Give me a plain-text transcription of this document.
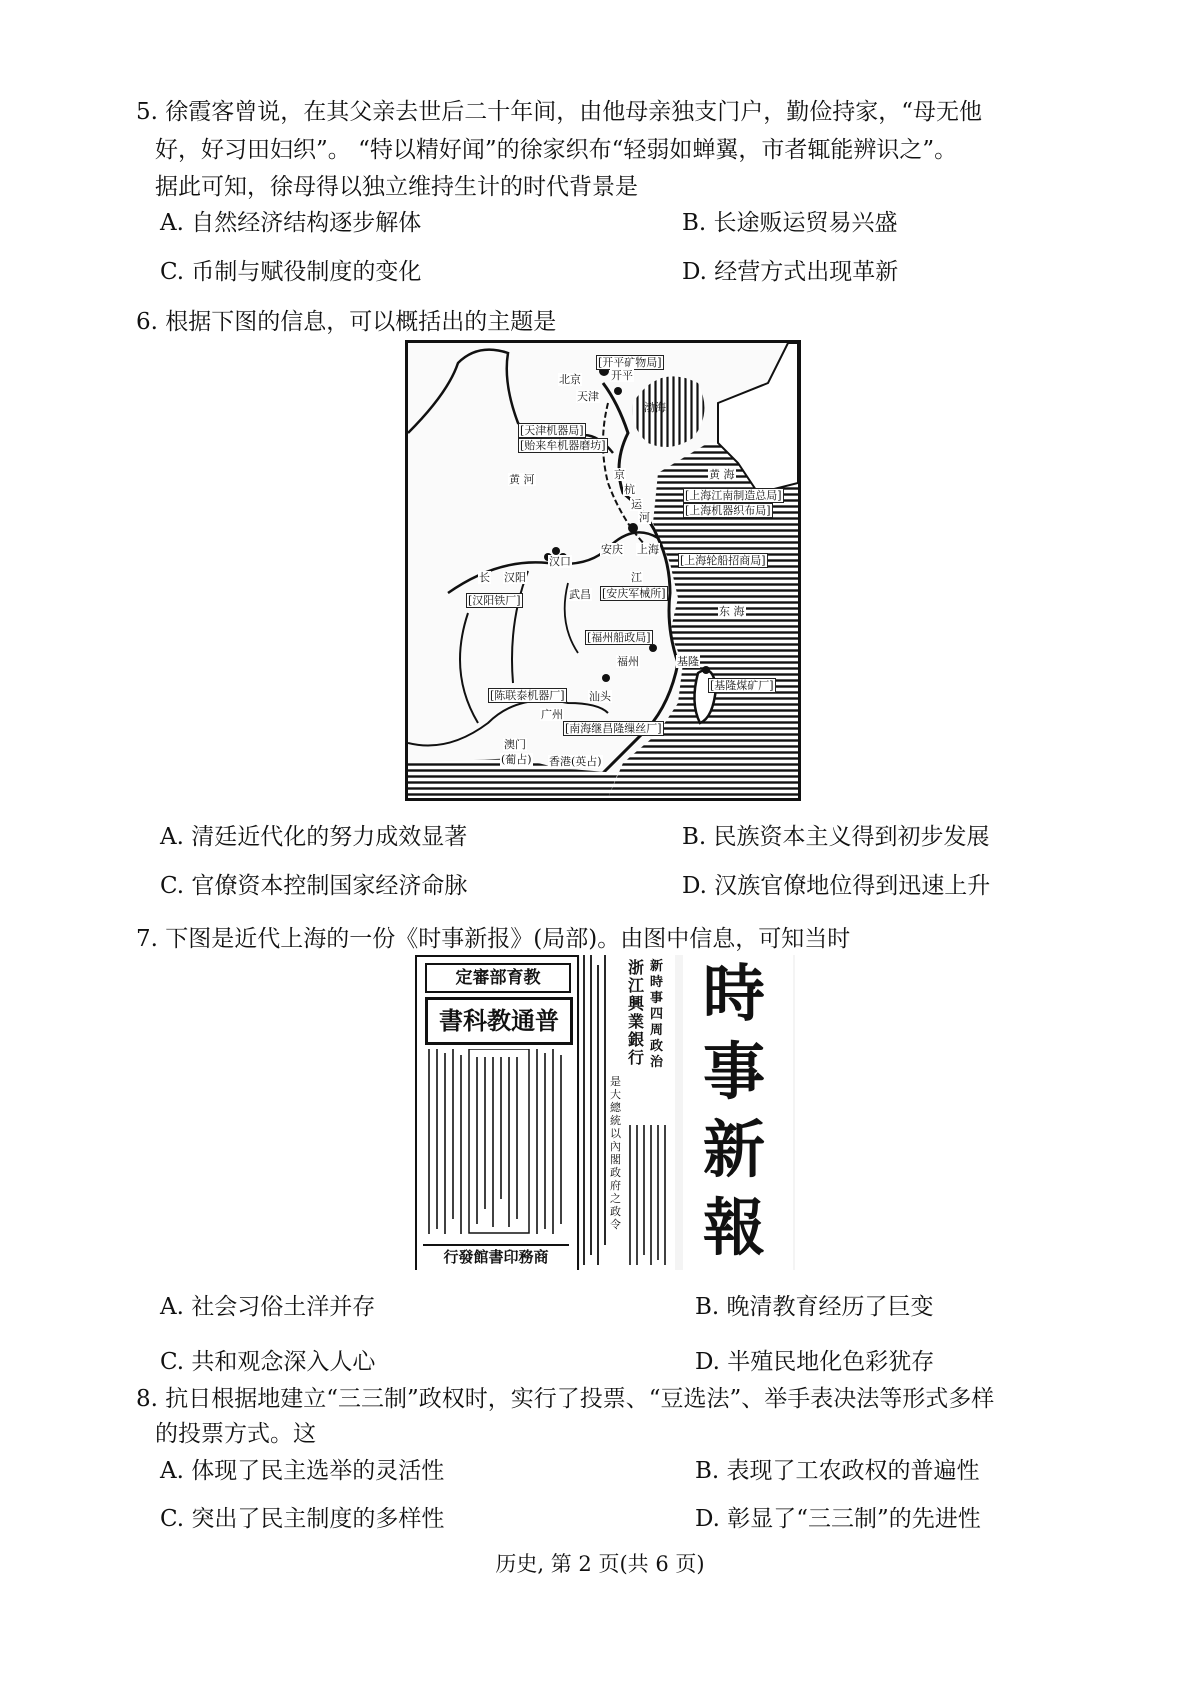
5. 徐霞客曾说，在其父亲去世后二十年间，由他母亲独支门户，勤俭持家，“母无他
好，好习田妇织”。 “特以精好闻”的徐家织布“轻弱如蝉翼，市者辄能辨识之”。
据此可知，徐母得以独立维持生计的时代背景是
A. 自然经济结构逐步解体	B. 长途贩运贸易兴盛
C. 币制与赋役制度的变化	D. 经营方式出现革新
6. 根据下图的信息，可以概括出的主题是
[开平矿物局]
北京	开平
天津
渤海
[天津机器局]
[贻来牟机器磨坊]
黄 河	京
杭
运
河
黄 海
[上海江南制造总局]
[上海机器织布局]
上海
[上海轮船招商局]
汉口
安庆
长 汉阳	江
武昌 [安庆军械所]
[汉阳铁厂]
东 海
[福州船政局]
福州	基隆
[基隆煤矿厂]
[陈联泰机器厂] 汕头
广州
[南海继昌隆缫丝厂]
澳门
(葡占) 香港(英占)
A. 清廷近代化的努力成效显著	B. 民族资本主义得到初步发展
C. 官僚资本控制国家经济命脉	D. 汉族官僚地位得到迅速上升
7. 下图是近代上海的一份《时事新报》(局部)。由图中信息，可知当时
定審部育教
書科教通普
行發館書印務商
浙江興業銀行
新時事四周政治
是大總統以內閣政府之政令
時
事
新
報
A. 社会习俗土洋并存	B. 晚清教育经历了巨变
C. 共和观念深入人心	D. 半殖民地化色彩犹存
8. 抗日根据地建立“三三制”政权时，实行了投票、“豆选法”、举手表决法等形式多样
的投票方式。这
A. 体现了民主选举的灵活性	B. 表现了工农政权的普遍性
C. 突出了民主制度的多样性	D. 彰显了“三三制”的先进性
历史, 第 2 页(共 6 页)
